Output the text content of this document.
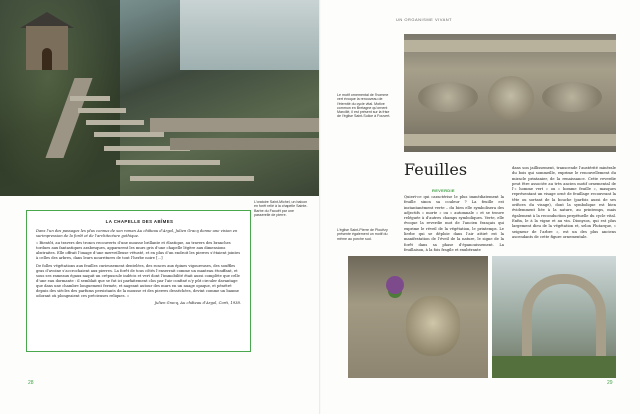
L’oratoire Saint-Michel, un balcon en forêt relié à la chapelle Sainte-Barbe du Faouët par une passerelle de pierre.
LA CHAPELLE DES ABÎMES

Dans l’un des passages les plus connus de son roman Au château d’Argol, Julien Gracq donne une vision en surimpression de la forêt et de l’architecture gothique.

« Bientôt, au travers des troncs recouverts d’une mousse brillante et élastique, au travers des branches tordues aux fantastiques arabesques, apparurent les murs gris d’une chapelle légère aux dimensions abstraites. Elle offrait l’image d’une merveilleuse vétusté, et en plus d’un endroit les pierres s’étaient jointes à celles des arbres, dans leurs nourritures de tout l’herbe noire [...]

De folles végétations aux feuilles curieusement dentelées, des ronces aux épines vigoureuses, des souffles gras d’avoine s’accrochaient aux pierres. La forêt de tous côtés l’enserrait comme un manteau étouffant, et sous ses rameaux égaux naquit un crépuscule indécis et vert dont l’immobilité était aussi complète que celle d’une eau dormante : il semblait que se fut ici parfaitement clos par l’air confiné n’y pût circuler davantage que dans une chambre longuement fermée, et nageant autour des murs en un nuage opaque, et pénétré depuis des siècles des parfums persistants de la mousse et des pierres desséchées, devint comme un baume odorant où plongeaient ces précieuses reliques. »

Julien Gracq, Au château d’Argol, Corti, 1938.

28
UN ORGANISME VIVANT
Le motif ornemental de l’homme vert évoque la renouveau de l’éternité du cycle vital. Motive commun en Bretagne qu’ornent Marcillé, il est présent sur la frise de l’église Saint-Sulice à Fouvert.
Feuilles
REVERDIE

Quiert-ce qui caractérise le plus immédiatement la feuille sinon sa couleur ? La feuille est instantanément verte – du bien elle symbolisera des adjectifs « morte » ou « automnale » et se trouve reléguée à d’autres champs symboliques. Verte, elle évoque la reverdie mot de l’ancien français qui exprime le réveil de la végétation, le printemps. Le lierbe qui se déploie dans l’air attiré est la manifestation de l’éveil de la nature, le signe de la forêt dans sa phase d’épanouissement. La feuillaison, à la fois fragile et exubérante

dans son jaillissement, transcende l’austérité minérale du bois qui sommeille, exprime le renouvellement du miracle printanier, de la renaissance. Cette reverdie peut être associée au très ancien motif ornemental de l’« homme vert » ou « homme feuille », masques représentant un visage orné de feuillage recouvrant la tête ou sortant de la bouche (parfois aussi de ses orifices du visage), dont la symbolique est bien évidemment liée à la nature, au printemps, mais également à la reconduction perpétuelle du cycle vital. Enfin, le à la vigne et au vin. Dionysos, qui est plus largement dieu de la végétation et, selon Plutarque, « seigneur de l’arbre », est un des plus anciens ascendants de cette figure ornementale.

L’église Saint-Pierre de Plouëzy présente également un motif du même au porche sud.
29
